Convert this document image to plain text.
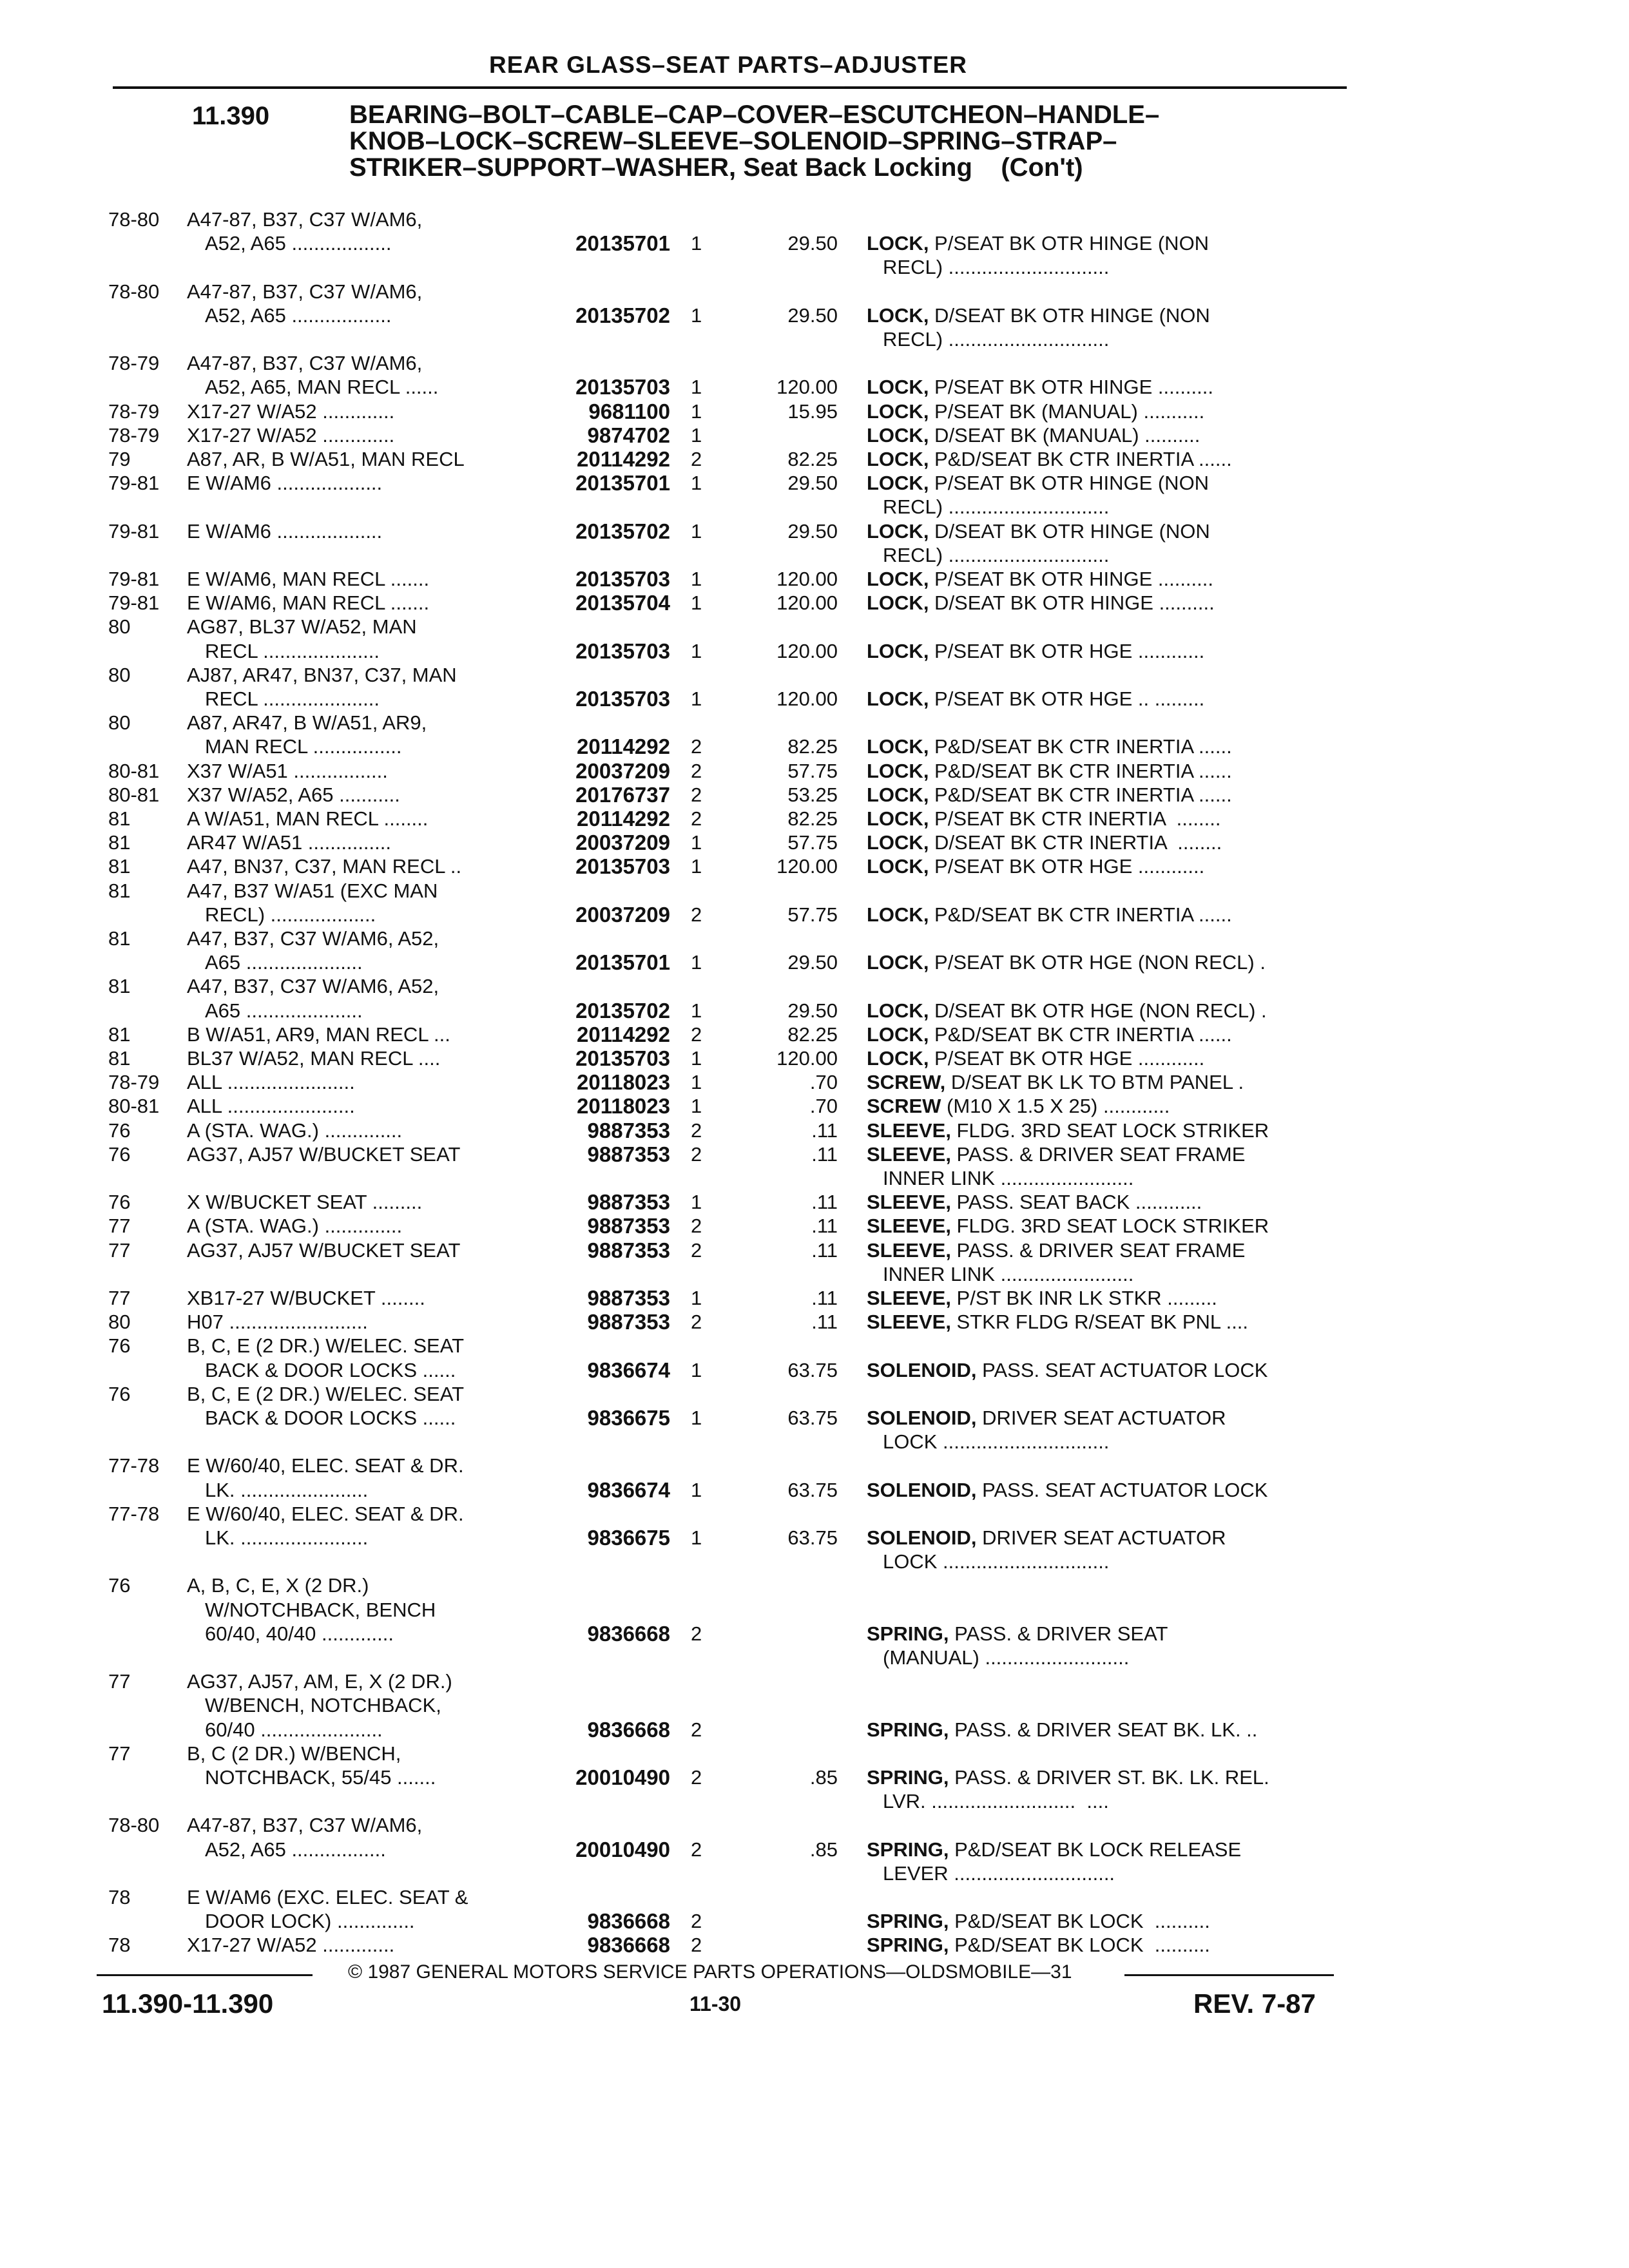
REAR GLASS–SEAT PARTS–ADJUSTER
11.390	BEARING–BOLT–CABLE–CAP–COVER–ESCUTCHEON–HANDLE–
KNOB–LOCK–SCREW–SLEEVE–SOLENOID–SPRING–STRAP–
STRIKER–SUPPORT–WASHER, Seat Back Locking (Con't)
78-80	A47-87, B37, C37 W/AM6,
A52, A65 ..................	20135701 1	29.50 LOCK, P/SEAT BK OTR HINGE (NON
RECL) .............................
78-80	A47-87, B37, C37 W/AM6,
A52, A65 ..................	20135702 1	29.50 LOCK, D/SEAT BK OTR HINGE (NON
RECL) .............................
78-79	A47-87, B37, C37 W/AM6,
A52, A65, MAN RECL ......	20135703 1	120.00 LOCK, P/SEAT BK OTR HINGE ..........
78-79	X17-27 W/A52 .............	9681100 1	15.95 LOCK, P/SEAT BK (MANUAL) ...........
78-79	X17-27 W/A52 .............	9874702 1	LOCK, D/SEAT BK (MANUAL) ..........
79	A87, AR, B W/A51, MAN RECL	20114292 2	82.25 LOCK, P&D/SEAT BK CTR INERTIA ......
79-81	E W/AM6 ...................	20135701 1	29.50 LOCK, P/SEAT BK OTR HINGE (NON
RECL) .............................
79-81	E W/AM6 ...................	20135702 1	29.50 LOCK, D/SEAT BK OTR HINGE (NON
RECL) .............................
79-81	E W/AM6, MAN RECL .......	20135703 1	120.00 LOCK, P/SEAT BK OTR HINGE ..........
79-81	E W/AM6, MAN RECL .......	20135704 1	120.00 LOCK, D/SEAT BK OTR HINGE ..........
80	AG87, BL37 W/A52, MAN
RECL .....................	20135703 1	120.00 LOCK, P/SEAT BK OTR HGE ............
80	AJ87, AR47, BN37, C37, MAN
RECL .....................	20135703 1	120.00 LOCK, P/SEAT BK OTR HGE .. .........
80	A87, AR47, B W/A51, AR9,
MAN RECL ................	20114292 2	82.25 LOCK, P&D/SEAT BK CTR INERTIA ......
80-81	X37 W/A51 .................	20037209 2	57.75 LOCK, P&D/SEAT BK CTR INERTIA ......
80-81	X37 W/A52, A65 ...........	20176737 2	53.25 LOCK, P&D/SEAT BK CTR INERTIA ......
81	A W/A51, MAN RECL ........	20114292 2	82.25 LOCK, P/SEAT BK CTR INERTIA  ........
81	AR47 W/A51 ...............	20037209 1	57.75 LOCK, D/SEAT BK CTR INERTIA  ........
81	A47, BN37, C37, MAN RECL ..	20135703 1	120.00 LOCK, P/SEAT BK OTR HGE ............
81	A47, B37 W/A51 (EXC MAN
RECL) ...................	20037209 2	57.75 LOCK, P&D/SEAT BK CTR INERTIA ......
81	A47, B37, C37 W/AM6, A52,
A65 .....................	20135701 1	29.50 LOCK, P/SEAT BK OTR HGE (NON RECL) .
81	A47, B37, C37 W/AM6, A52,
A65 .....................	20135702 1	29.50 LOCK, D/SEAT BK OTR HGE (NON RECL) .
81	B W/A51, AR9, MAN RECL ...	20114292 2	82.25 LOCK, P&D/SEAT BK CTR INERTIA ......
81	BL37 W/A52, MAN RECL ....	20135703 1	120.00 LOCK, P/SEAT BK OTR HGE ............
78-79	ALL .......................	20118023 1	.70 SCREW, D/SEAT BK LK TO BTM PANEL .
80-81	ALL .......................	20118023 1	.70 SCREW (M10 X 1.5 X 25) ............
76	A (STA. WAG.) ..............	9887353 2	.11 SLEEVE, FLDG. 3RD SEAT LOCK STRIKER
76	AG37, AJ57 W/BUCKET SEAT	9887353 2	.11 SLEEVE, PASS. & DRIVER SEAT FRAME
INNER LINK ........................
76	X W/BUCKET SEAT .........	9887353 1	.11 SLEEVE, PASS. SEAT BACK ............
77	A (STA. WAG.) ..............	9887353 2	.11 SLEEVE, FLDG. 3RD SEAT LOCK STRIKER
77	AG37, AJ57 W/BUCKET SEAT	9887353 2	.11 SLEEVE, PASS. & DRIVER SEAT FRAME
INNER LINK ........................
77	XB17-27 W/BUCKET ........	9887353 1	.11 SLEEVE, P/ST BK INR LK STKR .........
80	H07 .........................	9887353 2	.11 SLEEVE, STKR FLDG R/SEAT BK PNL ....
76	B, C, E (2 DR.) W/ELEC. SEAT
BACK & DOOR LOCKS ......	9836674 1	63.75 SOLENOID, PASS. SEAT ACTUATOR LOCK
76	B, C, E (2 DR.) W/ELEC. SEAT
BACK & DOOR LOCKS ......	9836675 1	63.75 SOLENOID, DRIVER SEAT ACTUATOR
LOCK ..............................
77-78	E W/60/40, ELEC. SEAT & DR.
LK. .......................	9836674 1	63.75 SOLENOID, PASS. SEAT ACTUATOR LOCK
77-78	E W/60/40, ELEC. SEAT & DR.
LK. .......................	9836675 1	63.75 SOLENOID, DRIVER SEAT ACTUATOR
LOCK ..............................
76	A, B, C, E, X (2 DR.)
W/NOTCHBACK, BENCH
60/40, 40/40 .............	9836668 2	SPRING, PASS. & DRIVER SEAT
(MANUAL) ..........................
77	AG37, AJ57, AM, E, X (2 DR.)
W/BENCH, NOTCHBACK,
60/40 ......................	9836668 2	SPRING, PASS. & DRIVER SEAT BK. LK. ..
77	B, C (2 DR.) W/BENCH,
NOTCHBACK, 55/45 .......	20010490 2	.85 SPRING, PASS. & DRIVER ST. BK. LK. REL.
LVR. ..........................  ....
78-80	A47-87, B37, C37 W/AM6,
A52, A65 .................	20010490 2	.85 SPRING, P&D/SEAT BK LOCK RELEASE
LEVER .............................
78	E W/AM6 (EXC. ELEC. SEAT &
DOOR LOCK) ..............	9836668 2	SPRING, P&D/SEAT BK LOCK  ..........
78	X17-27 W/A52 .............	9836668 2	SPRING, P&D/SEAT BK LOCK  ..........
© 1987 GENERAL MOTORS SERVICE PARTS OPERATIONS—OLDSMOBILE—31
11.390-11.390	11-30	REV. 7-87
